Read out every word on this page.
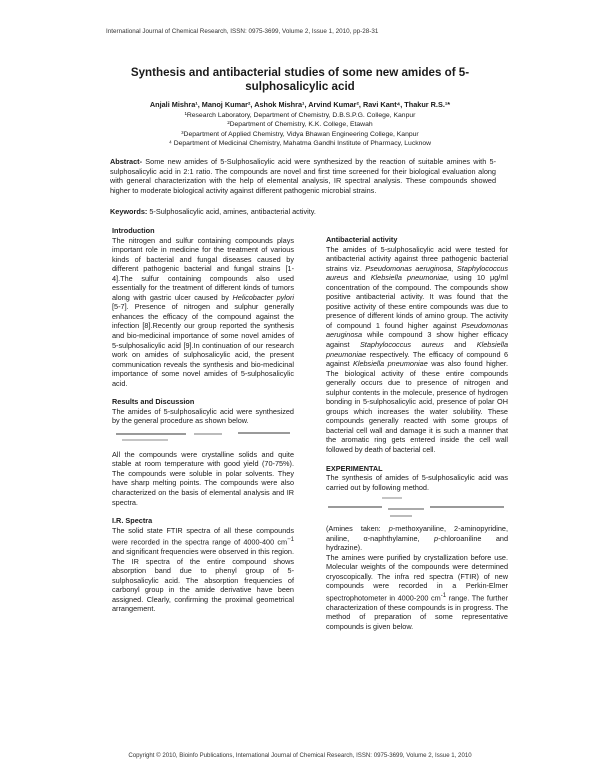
International Journal of Chemical Research, ISSN: 0975-3699, Volume 2, Issue 1, 2010, pp-28-31
Synthesis and antibacterial studies of some new amides of 5-sulphosalicylic acid
Anjali Mishra¹, Manoj Kumar², Ashok Mishra¹, Arvind Kumar², Ravi Kant⁴, Thakur R.S.¹*
¹Research Laboratory, Department of Chemistry, D.B.S.P.G. College, Kanpur
²Department of Chemistry, K.K. College, Etawah
³Department of Applied Chemistry, Vidya Bhawan Engineering College, Kanpur
⁴ Department of Medicinal Chemistry, Mahatma Gandhi Institute of Pharmacy, Lucknow
Abstract- Some new amides of 5-Sulphosalicylic acid were synthesized by the reaction of suitable amines with 5-sulphosalicylic acid in 2:1 ratio. The compounds are novel and first time screened for their biological evaluation along with general characterization with the help of elemental analysis, IR spectral analysis. These compounds showed higher to moderate biological activity against different pathogenic microbial strains.
Keywords: 5-Sulphosalicylic acid, amines, antibacterial activity.
Introduction

The nitrogen and sulfur containing compounds plays important role in medicine for the treatment of various kinds of bacterial and fungal diseases caused by different pathogenic bacterial and fungal strains [1-4].The sulfur containing compounds also used essentially for the treatment of different kinds of tumors along with gastric ulcer caused by Helicobacter pylori [5-7]. Presence of nitrogen and sulphur generally enhances the efficacy of the compound against the infection [8].Recently our group reported the synthesis and bio-medicinal importance of some novel amides of 5-sulphosalicylic acid [9].In continuation of our research work on amides of sulphosalicylic acid, the present communication reveals the synthesis and bio-medicinal importance of some novel amides of 5-sulphosalicylic acid.

Results and Discussion

The amides of 5-sulphosalicylic acid were synthesized by the general procedure as shown below.

All the compounds were crystalline solids and quite stable at room temperature with good yield (70-75%). The compounds were soluble in polar solvents. They have sharp melting points. The compounds were also characterized on the basis of elemental analysis and IR spectra.

I.R. Spectra

The solid state FTIR spectra of all these compounds were recorded in the spectra range of 4000-400 $cm^{-1}$ and significant frequencies were observed in this region. The IR spectra of the entire compound shows absorption band due to phenyl group of 5-sulphosalicylic acid. The absorption frequencies of carbonyl group in the amide derivative have been assigned. Clearly, confirming the proximal geometrical arrangement.

Antibacterial activity

The amides of 5-sulphosalicylic acid were tested for antibacterial activity against three pathogenic bacterial strains viz. Pseudomonas aeruginosa, Staphylococcus aureus and Klebsiella pneumoniae, using 10 μg/ml concentration of the compound. The compounds show positive antibacterial activity. It was found that the positive activity of these entire compounds was due to presence of different kinds of amino group. The activity of compound 1 found higher against Pseudomonas aeruginosa while compound 3 show higher efficacy against Staphylococcus aureus and Klebsiella pneumoniae respectively. The efficacy of compound 6 against Klebsiella pneumoniae was also found higher. The biological activity of these entire compounds generally occurs due to presence of nitrogen and sulphur contents in the molecule, presence of hydrogen bonding in 5-sulphosalicylic acid, presence of polar OH groups which increases the water solubility. These compounds generally reacted with some groups of bacterial cell wall and damage it is such a manner that the aromatic ring gets entered inside the cell wall followed by death of bacterial cell.

EXPERIMENTAL

The synthesis of amides of 5-sulphosalicylic acid was carried out by following method.

(Amines taken: p-methoxyaniline, 2-aminopyridine, aniline, α-naphthylamine, p-chloroaniline and hydrazine).

The amines were purified by crystallization before use. Molecular weights of the compounds were determined cryoscopically. The infra red spectra (FTIR) of new compounds were recorded in a Perkin-Elmer spectrophotometer in 4000-200 $cm^{-1}$ range. The further characterization of these compounds is in progress. The method of preparation of some representative compounds is given below.

Copyright © 2010, Bioinfo Publications, International Journal of Chemical Research, ISSN: 0975-3699, Volume 2, Issue 1, 2010
